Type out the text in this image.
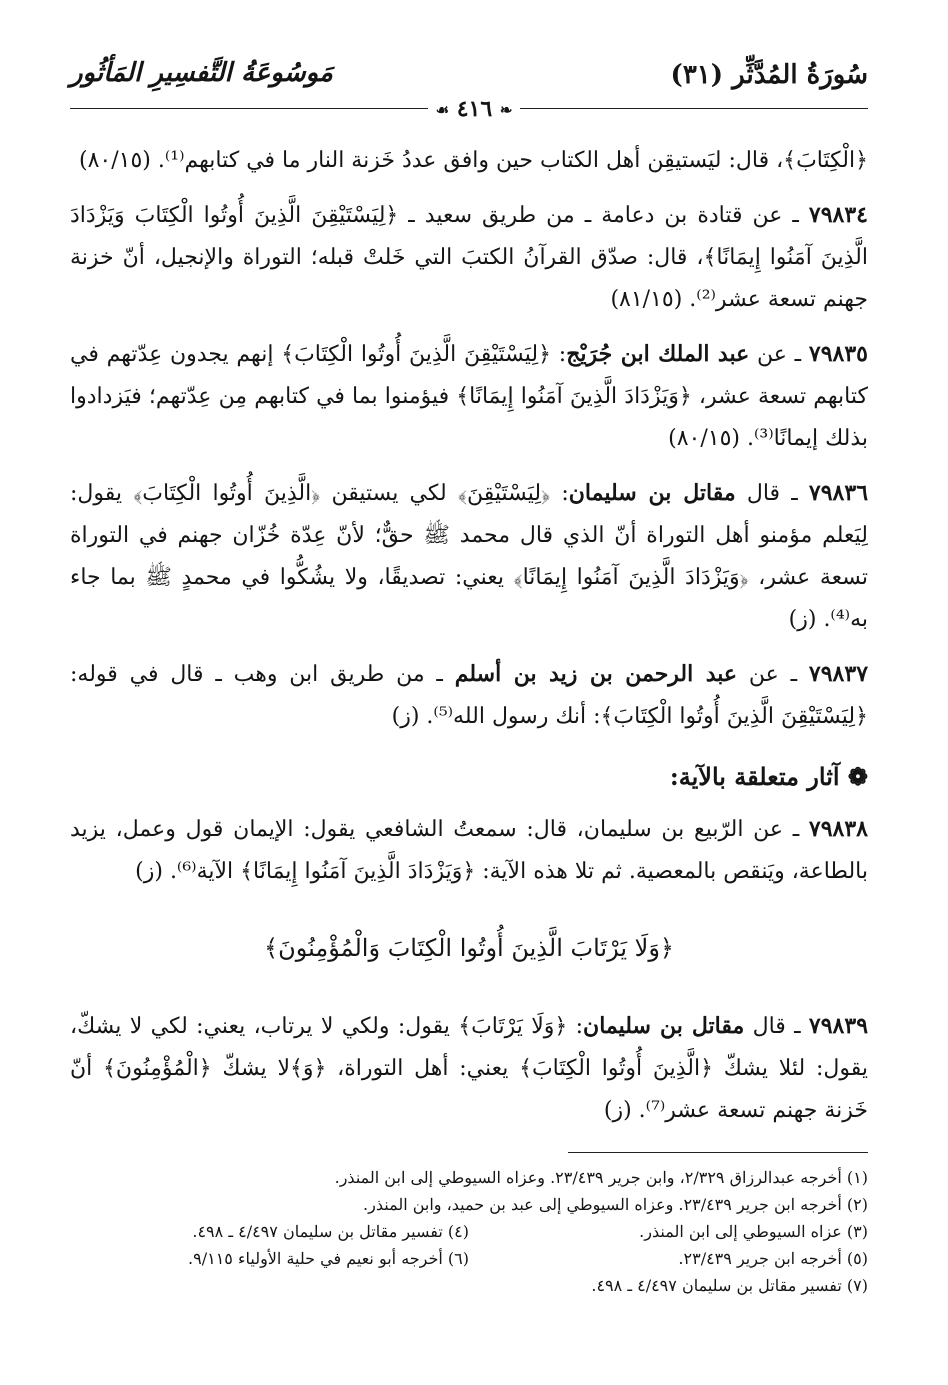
سُورَةُ المُدَّثِّر (٣١)
مَوسُوعَةُ التَّفسِيرِ المَأثُور
❧ ٤١٦ ☙

﴿الْكِتَابَ﴾، قال: ليَستيقِن أهل الكتاب حين وافق عددُ خَزنة النار ما في كتابهم⁽¹⁾. (٨٠/١٥)

٧٩٨٣٤ ـ عن قتادة بن دعامة ـ من طريق سعيد ـ ﴿لِيَسْتَيْقِنَ الَّذِينَ أُوتُوا الْكِتَابَ وَيَزْدَادَ الَّذِينَ آمَنُوا إِيمَانًا﴾، قال: صدّق القرآنُ الكتبَ التي خَلتْ قبله؛ التوراة والإنجيل، أنّ خزنة جهنم تسعة عشر⁽²⁾. (٨١/١٥)

٧٩٨٣٥ ـ عن عبد الملك ابن جُرَيْج: ﴿لِيَسْتَيْقِنَ الَّذِينَ أُوتُوا الْكِتَابَ﴾ إنهم يجدون عِدّتهم في كتابهم تسعة عشر، ﴿وَيَزْدَادَ الَّذِينَ آمَنُوا إِيمَانًا﴾ فيؤمنوا بما في كتابهم مِن عِدّتهم؛ فيَزدادوا بذلك إيمانًا⁽³⁾. (٨٠/١٥)

٧٩٨٣٦ ـ قال مقاتل بن سليمان: ﴿لِيَسْتَيْقِنَ﴾ لكي يستيقن ﴿الَّذِينَ أُوتُوا الْكِتَابَ﴾ يقول: لِيَعلم مؤمنو أهل التوراة أنّ الذي قال محمد ﷺ حقٌّ؛ لأنّ عِدّة خُزّان جهنم في التوراة تسعة عشر، ﴿وَيَزْدَادَ الَّذِينَ آمَنُوا إِيمَانًا﴾ يعني: تصديقًا، ولا يشُكُّوا في محمدٍ ﷺ بما جاء به⁽⁴⁾. (ز)

٧٩٨٣٧ ـ عن عبد الرحمن بن زيد بن أسلم ـ من طريق ابن وهب ـ قال في قوله: ﴿لِيَسْتَيْقِنَ الَّذِينَ أُوتُوا الْكِتَابَ﴾: أنك رسول الله⁽⁵⁾. (ز)

❁ آثار متعلقة بالآية:

٧٩٨٣٨ ـ عن الرّبيع بن سليمان، قال: سمعتُ الشافعي يقول: الإيمان قول وعمل، يزيد بالطاعة، ويَنقص بالمعصية. ثم تلا هذه الآية: ﴿وَيَزْدَادَ الَّذِينَ آمَنُوا إِيمَانًا﴾ الآية⁽⁶⁾. (ز)

﴿وَلَا يَرْتَابَ الَّذِينَ أُوتُوا الْكِتَابَ وَالْمُؤْمِنُونَ﴾

٧٩٨٣٩ ـ قال مقاتل بن سليمان: ﴿وَلَا يَرْتَابَ﴾ يقول: ولكي لا يرتاب، يعني: لكي لا يشكّ، يقول: لئلا يشكّ ﴿الَّذِينَ أُوتُوا الْكِتَابَ﴾ يعني: أهل التوراة، ﴿وَ﴾لا يشكّ ﴿الْمُؤْمِنُونَ﴾ أنّ خَزنة جهنم تسعة عشر⁽⁷⁾. (ز)

(١) أخرجه عبدالرزاق ٢/٣٢٩، وابن جرير ٢٣/٤٣٩. وعزاه السيوطي إلى ابن المنذر.
(٢) أخرجه ابن جرير ٢٣/٤٣٩. وعزاه السيوطي إلى عبد بن حميد، وابن المنذر.
(٣) عزاه السيوطي إلى ابن المنذر.
(٤) تفسير مقاتل بن سليمان ٤/٤٩٧ ـ ٤٩٨.
(٥) أخرجه ابن جرير ٢٣/٤٣٩.
(٦) أخرجه أبو نعيم في حلية الأولياء ٩/١١٥.
(٧) تفسير مقاتل بن سليمان ٤/٤٩٧ ـ ٤٩٨.
